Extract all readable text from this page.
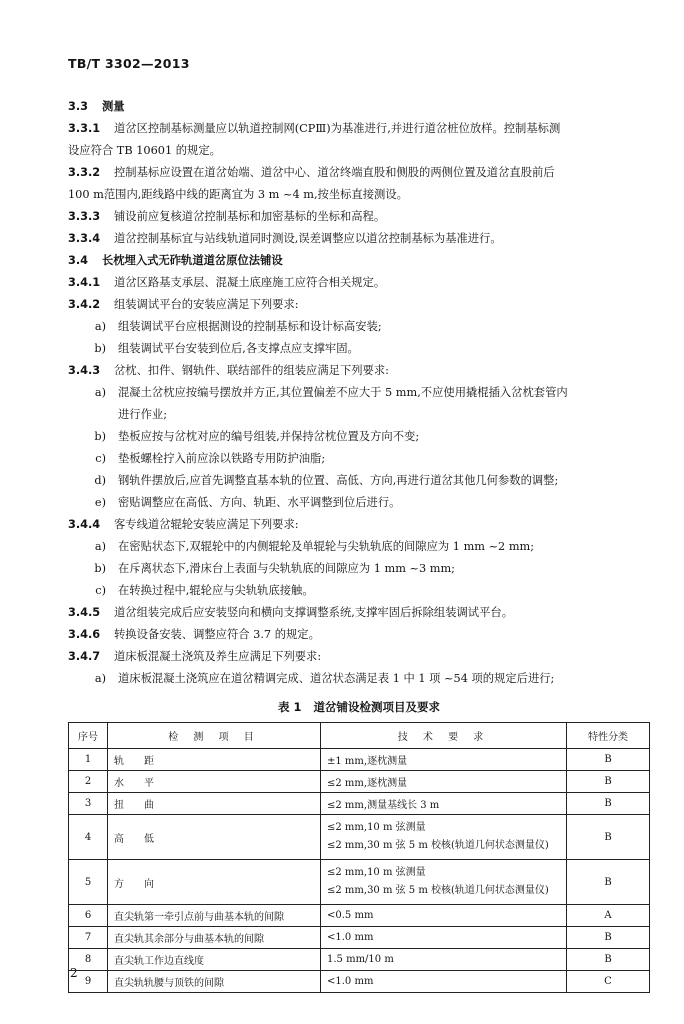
TB/T 3302—2013
3.3 测量
3.3.1 道岔区控制基标测量应以轨道控制网(CPⅢ)为基准进行,并进行道岔桩位放样。控制基标测
设应符合 TB 10601 的规定。
3.3.2 控制基标应设置在道岔始端、道岔中心、道岔终端直股和侧股的两侧位置及道岔直股前后
100 m范围内,距线路中线的距离宜为 3 m ~4 m,按坐标直接测设。
3.3.3 铺设前应复核道岔控制基标和加密基标的坐标和高程。
3.3.4 道岔控制基标宜与站线轨道同时测设,误差调整应以道岔控制基标为基准进行。
3.4 长枕埋入式无砟轨道道岔原位法铺设
3.4.1 道岔区路基支承层、混凝土底座施工应符合相关规定。
3.4.2 组装调试平台的安装应满足下列要求:
a) 组装调试平台应根据测设的控制基标和设计标高安装;
b) 组装调试平台安装到位后,各支撑点应支撑牢固。
3.4.3 岔枕、扣件、钢轨件、联结部件的组装应满足下列要求:
a) 混凝土岔枕应按编号摆放并方正,其位置偏差不应大于 5 mm,不应使用撬棍插入岔枕套管内
进行作业;
b) 垫板应按与岔枕对应的编号组装,并保持岔枕位置及方向不变;
c) 垫板螺栓拧入前应涂以铁路专用防护油脂;
d) 钢轨件摆放后,应首先调整直基本轨的位置、高低、方向,再进行道岔其他几何参数的调整;
e) 密贴调整应在高低、方向、轨距、水平调整到位后进行。
3.4.4 客专线道岔辊轮安装应满足下列要求:
a) 在密贴状态下,双辊轮中的内侧辊轮及单辊轮与尖轨轨底的间隙应为 1 mm ~2 mm;
b) 在斥离状态下,滑床台上表面与尖轨轨底的间隙应为 1 mm ~3 mm;
c) 在转换过程中,辊轮应与尖轨轨底接触。
3.4.5 道岔组装完成后应安装竖向和横向支撑调整系统,支撑牢固后拆除组装调试平台。
3.4.6 转换设备安装、调整应符合 3.7 的规定。
3.4.7 道床板混凝土浇筑及养生应满足下列要求:
a) 道床板混凝土浇筑应在道岔精调完成、道岔状态满足表 1 中 1 项 ~54 项的规定后进行;
表 1 道岔铺设检测项目及要求
序号	检 测 项 目	技 术 要 求	特性分类
1	轨　　距	±1 mm,逐枕测量	B
2	水　　平	≤2 mm,逐枕测量	B
3	扭　　曲	≤2 mm,测量基线长 3 m	B
4	高　　低	≤2 mm,10 m 弦测量
≤2 mm,30 m 弦 5 m 校核(轨道几何状态测量仪)	B
5	方　　向	≤2 mm,10 m 弦测量
≤2 mm,30 m 弦 5 m 校核(轨道几何状态测量仪)	B
6	直尖轨第一牵引点前与曲基本轨的间隙	<0.5 mm	A
7	直尖轨其余部分与曲基本轨的间隙	<1.0 mm	B
8	直尖轨工作边直线度	1.5 mm/10 m	B
9	直尖轨轨腰与顶铁的间隙	<1.0 mm	C
2
